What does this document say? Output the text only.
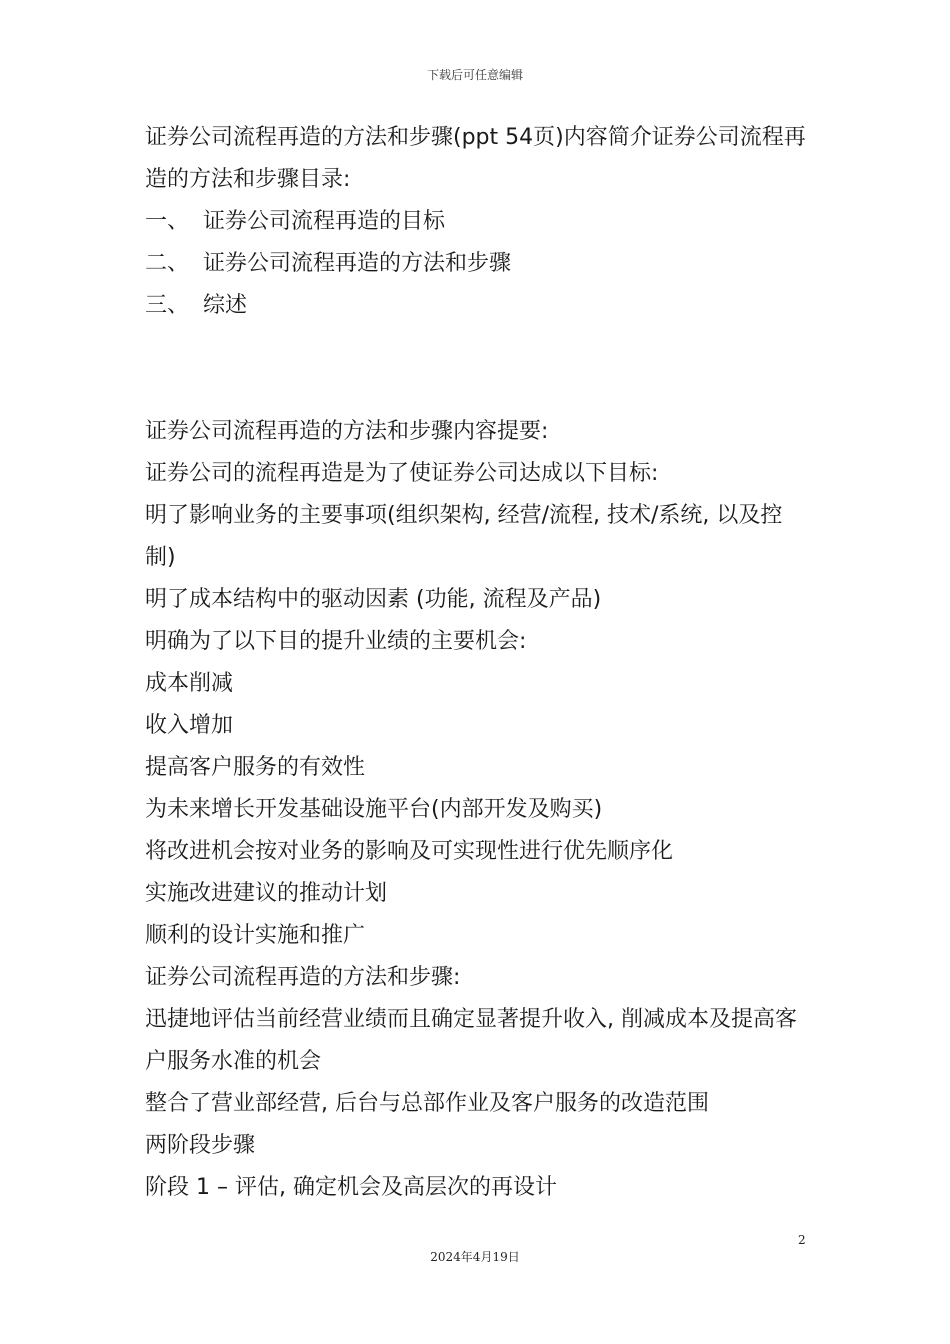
下载后可任意编辑
证券公司流程再造的方法和步骤(ppt 54页)内容简介证券公司流程再造的方法和步骤目录:
一、 证券公司流程再造的目标
二、 证券公司流程再造的方法和步骤
三、 综述
证券公司流程再造的方法和步骤内容提要:
证券公司的流程再造是为了使证券公司达成以下目标:
明了影响业务的主要事项(组织架构, 经营/流程, 技术/系统, 以及控制)
明了成本结构中的驱动因素 (功能, 流程及产品)
明确为了以下目的提升业绩的主要机会:
成本削减
收入增加
提高客户服务的有效性
为未来增长开发基础设施平台(内部开发及购买)
将改进机会按对业务的影响及可实现性进行优先顺序化
实施改进建议的推动计划
顺利的设计实施和推广
证券公司流程再造的方法和步骤:
迅捷地评估当前经营业绩而且确定显著提升收入, 削减成本及提高客户服务水准的机会
整合了营业部经营, 后台与总部作业及客户服务的改造范围
两阶段步骤
阶段 1 – 评估, 确定机会及高层次的再设计
2
2024年4月19日
